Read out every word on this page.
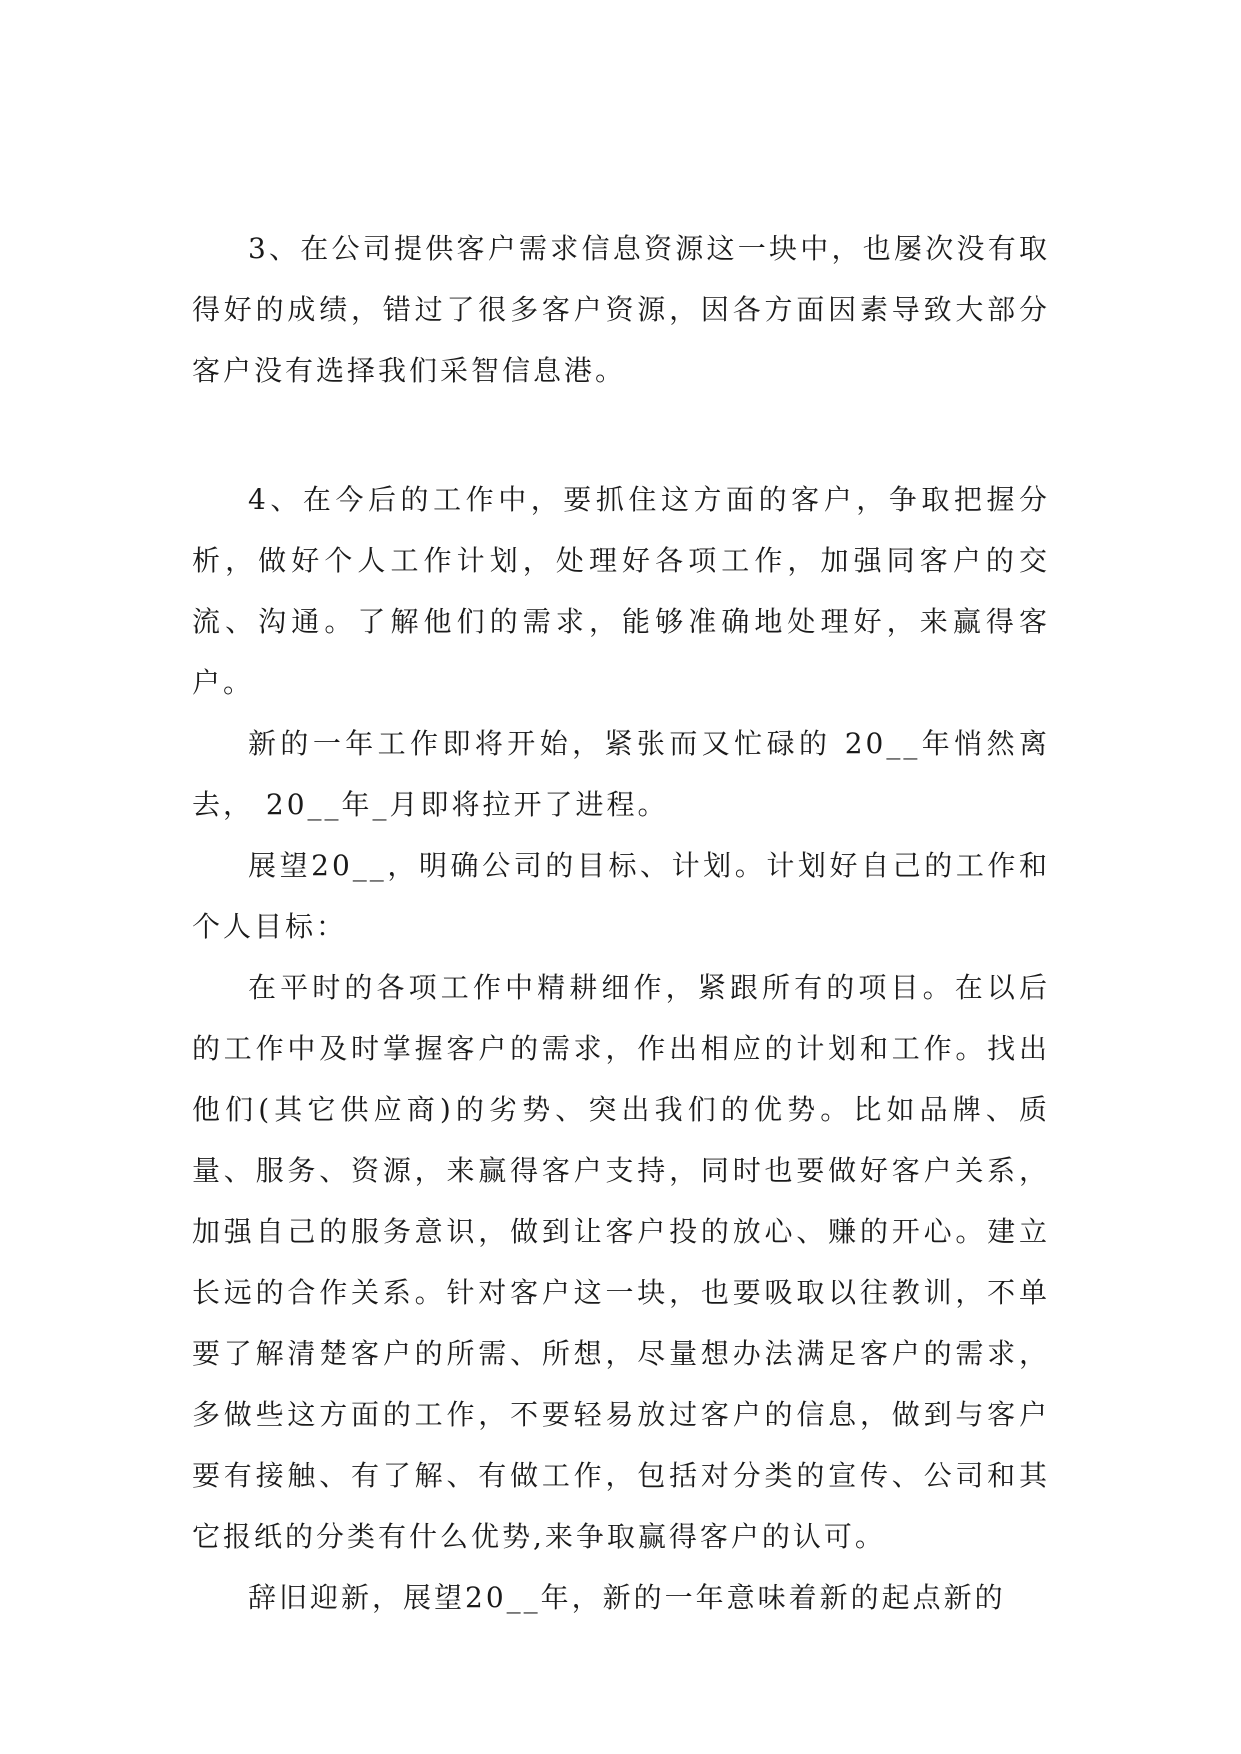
3、在公司提供客户需求信息资源这一块中，也屡次没有取得好的成绩，错过了很多客户资源，因各方面因素导致大部分客户没有选择我们采智信息港。

4、在今后的工作中，要抓住这方面的客户，争取把握分析，做好个人工作计划，处理好各项工作，加强同客户的交流、沟通。了解他们的需求，能够准确地处理好，来赢得客户。

新的一年工作即将开始，紧张而又忙碌的 20__年悄然离去， 20__年_月即将拉开了进程。

展望20__，明确公司的目标、计划。计划好自己的工作和个人目标：

在平时的各项工作中精耕细作，紧跟所有的项目。在以后的工作中及时掌握客户的需求，作出相应的计划和工作。找出他们(其它供应商)的劣势、突出我们的优势。比如品牌、质量、服务、资源，来赢得客户支持，同时也要做好客户关系，加强自己的服务意识，做到让客户投的放心、赚的开心。建立长远的合作关系。针对客户这一块，也要吸取以往教训，不单要了解清楚客户的所需、所想，尽量想办法满足客户的需求，多做些这方面的工作，不要轻易放过客户的信息，做到与客户要有接触、有了解、有做工作，包括对分类的宣传、公司和其它报纸的分类有什么优势,来争取赢得客户的认可。

辞旧迎新，展望20__年，新的一年意味着新的起点新的
